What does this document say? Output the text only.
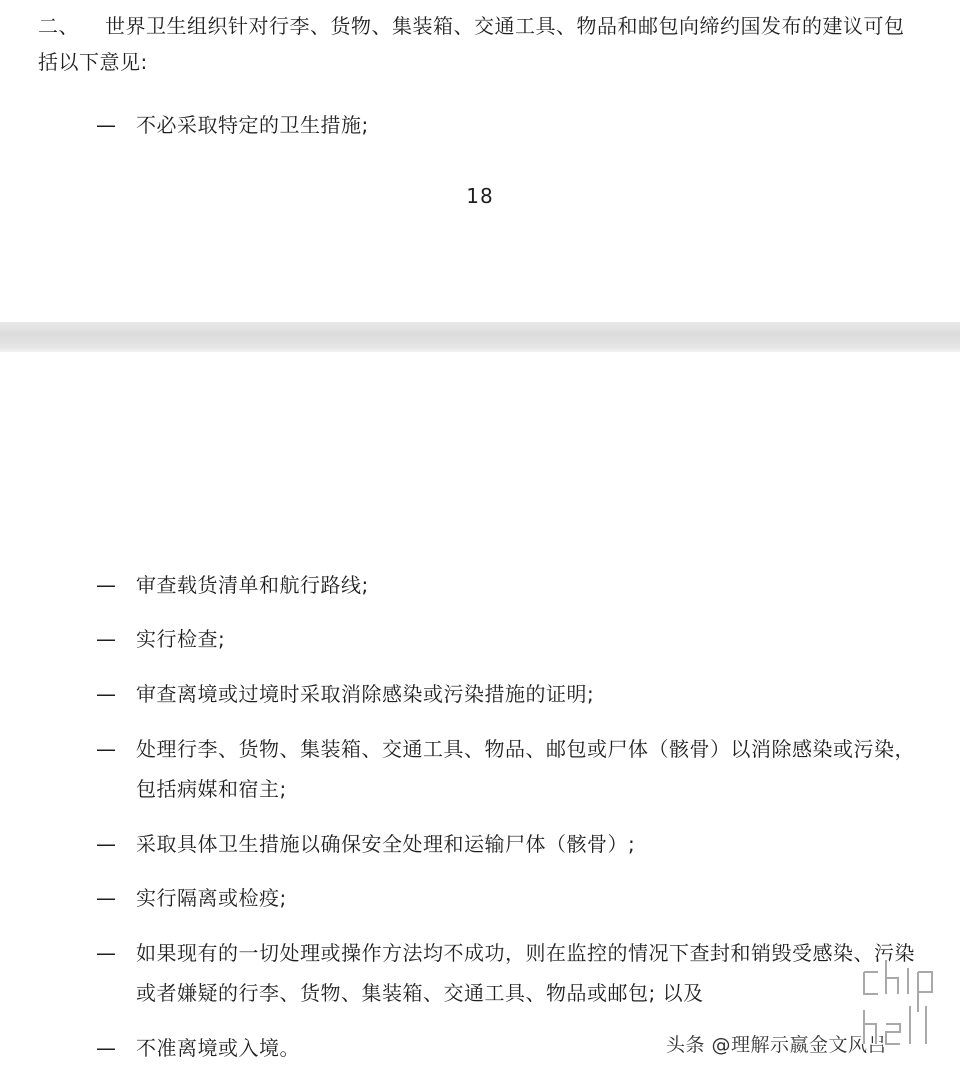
二、 世界卫生组织针对行李、货物、集装箱、交通工具、物品和邮包向缔约国发布的建议可包括以下意见:

— 不必采取特定的卫生措施;
18
— 审查载货清单和航行路线;
— 实行检查;
— 审查离境或过境时采取消除感染或污染措施的证明;
— 处理行李、货物、集装箱、交通工具、物品、邮包或尸体（骸骨）以消除感染或污染，包括病媒和宿主;
— 采取具体卫生措施以确保安全处理和运输尸体（骸骨）;
— 实行隔离或检疫;
— 如果现有的一切处理或操作方法均不成功，则在监控的情况下查封和销毁受感染、污染或者嫌疑的行李、货物、集装箱、交通工具、物品或邮包; 以及
— 不准离境或入境。	头条 @理解示嬴金文风吕
